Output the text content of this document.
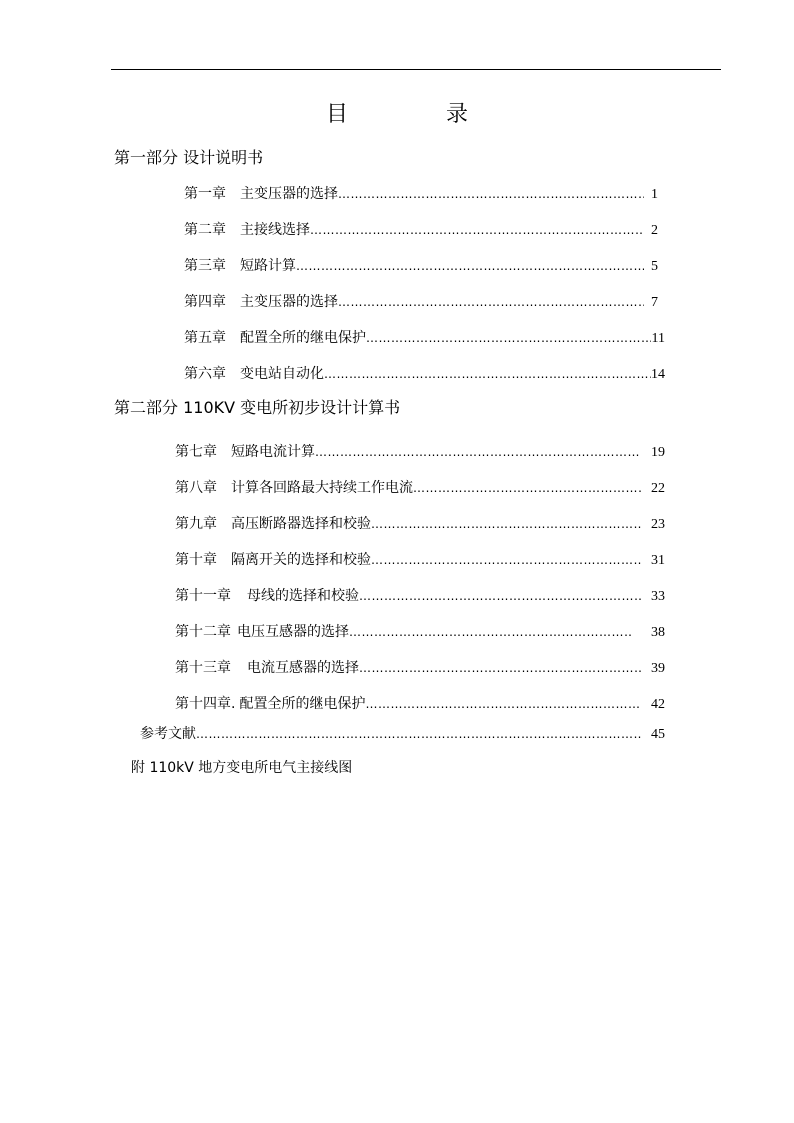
目　录
第一部分 设计说明书
第一章 主变压器的选择 …………………………………………………………………………………………………………………………………………………………………………	1
第二章 主接线选择 …………………………………………………………………………………………………………………………………………………………………………	2
第三章 短路计算 …………………………………………………………………………………………………………………………………………………………………………	5
第四章 主变压器的选择 …………………………………………………………………………………………………………………………………………………………………………	7
第五章 配置全所的继电保护 …………………………………………………………………………………………………………………………………………………………………………	11
第六章 变电站自动化 …………………………………………………………………………………………………………………………………………………………………………	14
第二部分 110KV 变电所初步设计计算书
第七章 短路电流计算 …………………………………………………………………………………………………………………………………………………………………………	19
第八章 计算各回路最大持续工作电流 …………………………………………………………………………………………………………………………………………………………………………	22
第九章 高压断路器选择和校验 …………………………………………………………………………………………………………………………………………………………………………	23
第十章 隔离开关的选择和校验 …………………………………………………………………………………………………………………………………………………………………………	31
第十一章 母线的选择和校验 …………………………………………………………………………………………………………………………………………………………………………	33
第十二章 电压互感器的选择 …………………………………………………………………………………………………………………………………………………………………………	38
第十三章 电流互感器的选择 …………………………………………………………………………………………………………………………………………………………………………	39
第十四章. 配置全所的继电保护 …………………………………………………………………………………………………………………………………………………………………………	42
参考文献 …………………………………………………………………………………………………………………………………………………………………………	45
附 110kV 地方变电所电气主接线图
